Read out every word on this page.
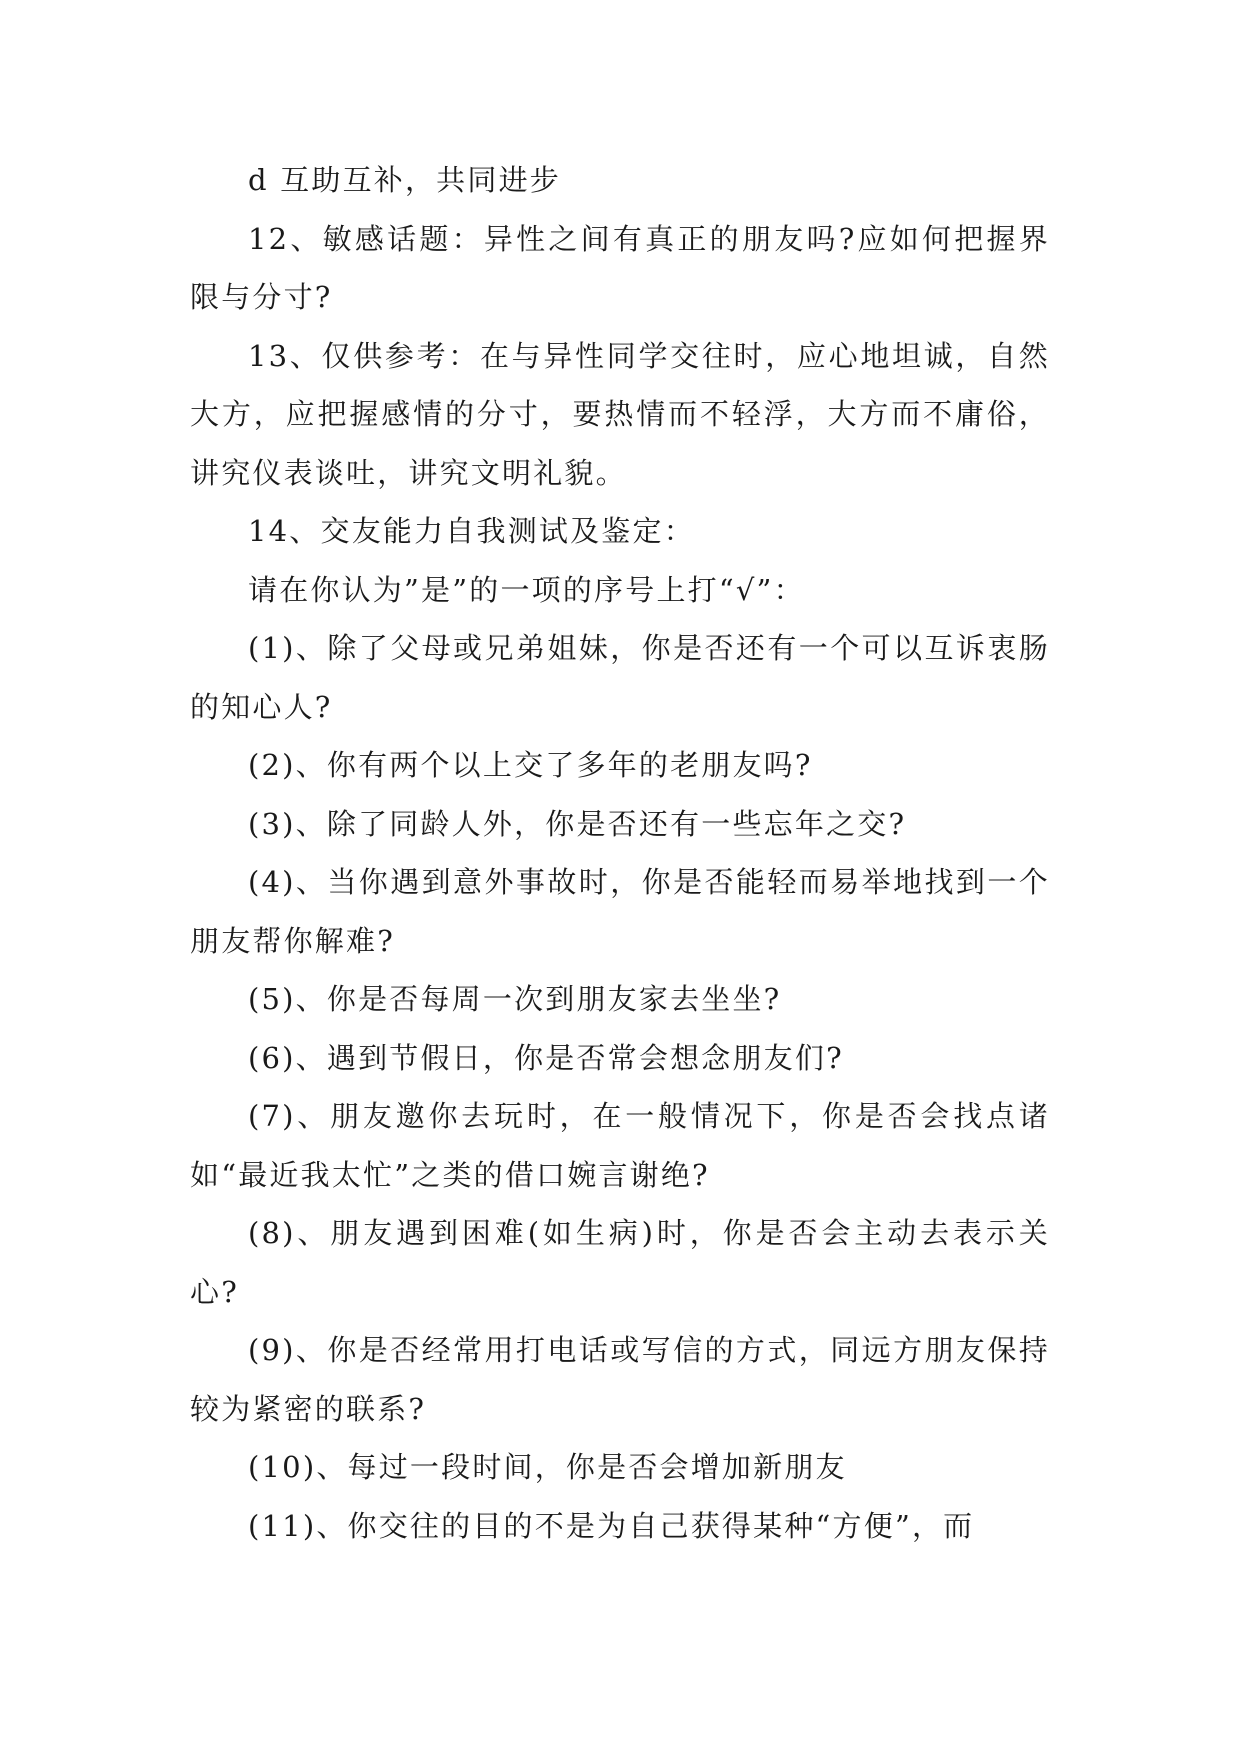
d 互助互补，共同进步

12、敏感话题：异性之间有真正的朋友吗?应如何把握界限与分寸?

13、仅供参考：在与异性同学交往时，应心地坦诚，自然大方，应把握感情的分寸，要热情而不轻浮，大方而不庸俗，讲究仪表谈吐，讲究文明礼貌。

14、交友能力自我测试及鉴定：

请在你认为”是”的一项的序号上打“√”：

(1)、除了父母或兄弟姐妹，你是否还有一个可以互诉衷肠的知心人?

(2)、你有两个以上交了多年的老朋友吗?

(3)、除了同龄人外，你是否还有一些忘年之交?

(4)、当你遇到意外事故时，你是否能轻而易举地找到一个朋友帮你解难?

(5)、你是否每周一次到朋友家去坐坐?

(6)、遇到节假日，你是否常会想念朋友们?

(7)、朋友邀你去玩时，在一般情况下，你是否会找点诸如“最近我太忙”之类的借口婉言谢绝?

(8)、朋友遇到困难(如生病)时，你是否会主动去表示关心?

(9)、你是否经常用打电话或写信的方式，同远方朋友保持较为紧密的联系?

(10)、每过一段时间，你是否会增加新朋友

(11)、你交往的目的不是为自己获得某种“方便”，而
